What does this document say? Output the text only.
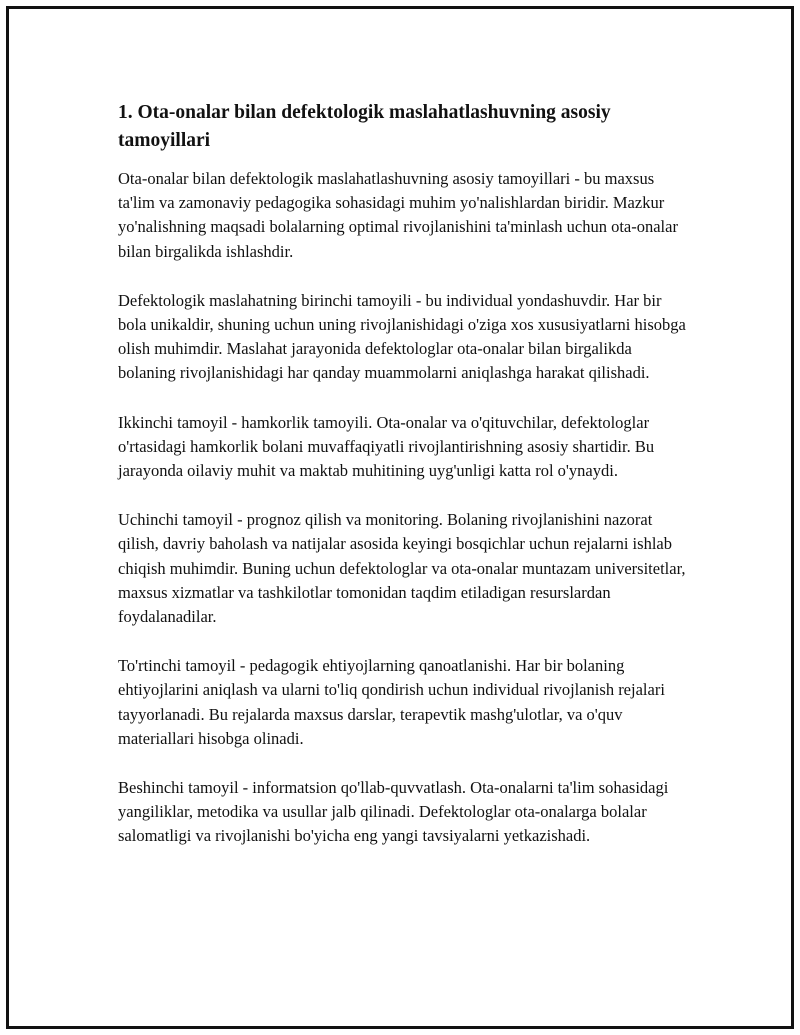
1. Ota-onalar bilan defektologik maslahatlashuvning asosiy tamoyillari

Ota-onalar bilan defektologik maslahatlashuvning asosiy tamoyillari - bu maxsus ta'lim va zamonaviy pedagogika sohasidagi muhim yo'nalishlardan biridir. Mazkur yo'nalishning maqsadi bolalarning optimal rivojlanishini ta'minlash uchun ota-onalar bilan birgalikda ishlashdir.

Defektologik maslahatning birinchi tamoyili - bu individual yondashuvdir. Har bir bola unikaldir, shuning uchun uning rivojlanishidagi o'ziga xos xususiyatlarni hisobga olish muhimdir. Maslahat jarayonida defektologlar ota-onalar bilan birgalikda bolaning rivojlanishidagi har qanday muammolarni aniqlashga harakat qilishadi.

Ikkinchi tamoyil - hamkorlik tamoyili. Ota-onalar va o'qituvchilar, defektologlar o'rtasidagi hamkorlik bolani muvaffaqiyatli rivojlantirishning asosiy shartidir. Bu jarayonda oilaviy muhit va maktab muhitining uyg'unligi katta rol o'ynaydi.

Uchinchi tamoyil - prognoz qilish va monitoring. Bolaning rivojlanishini nazorat qilish, davriy baholash va natijalar asosida keyingi bosqichlar uchun rejalarni ishlab chiqish muhimdir. Buning uchun defektologlar va ota-onalar muntazam universitetlar, maxsus xizmatlar va tashkilotlar tomonidan taqdim etiladigan resurslardan foydalanadilar.

To'rtinchi tamoyil - pedagogik ehtiyojlarning qanoatlanishi. Har bir bolaning ehtiyojlarini aniqlash va ularni to'liq qondirish uchun individual rivojlanish rejalari tayyorlanadi. Bu rejalarda maxsus darslar, terapevtik mashg'ulotlar, va o'quv materiallari hisobga olinadi.

Beshinchi tamoyil - informatsion qo'llab-quvvatlash. Ota-onalarni ta'lim sohasidagi yangiliklar, metodika va usullar jalb qilinadi. Defektologlar ota-onalarga bolalar salomatligi va rivojlanishi bo'yicha eng yangi tavsiyalarni yetkazishadi.
